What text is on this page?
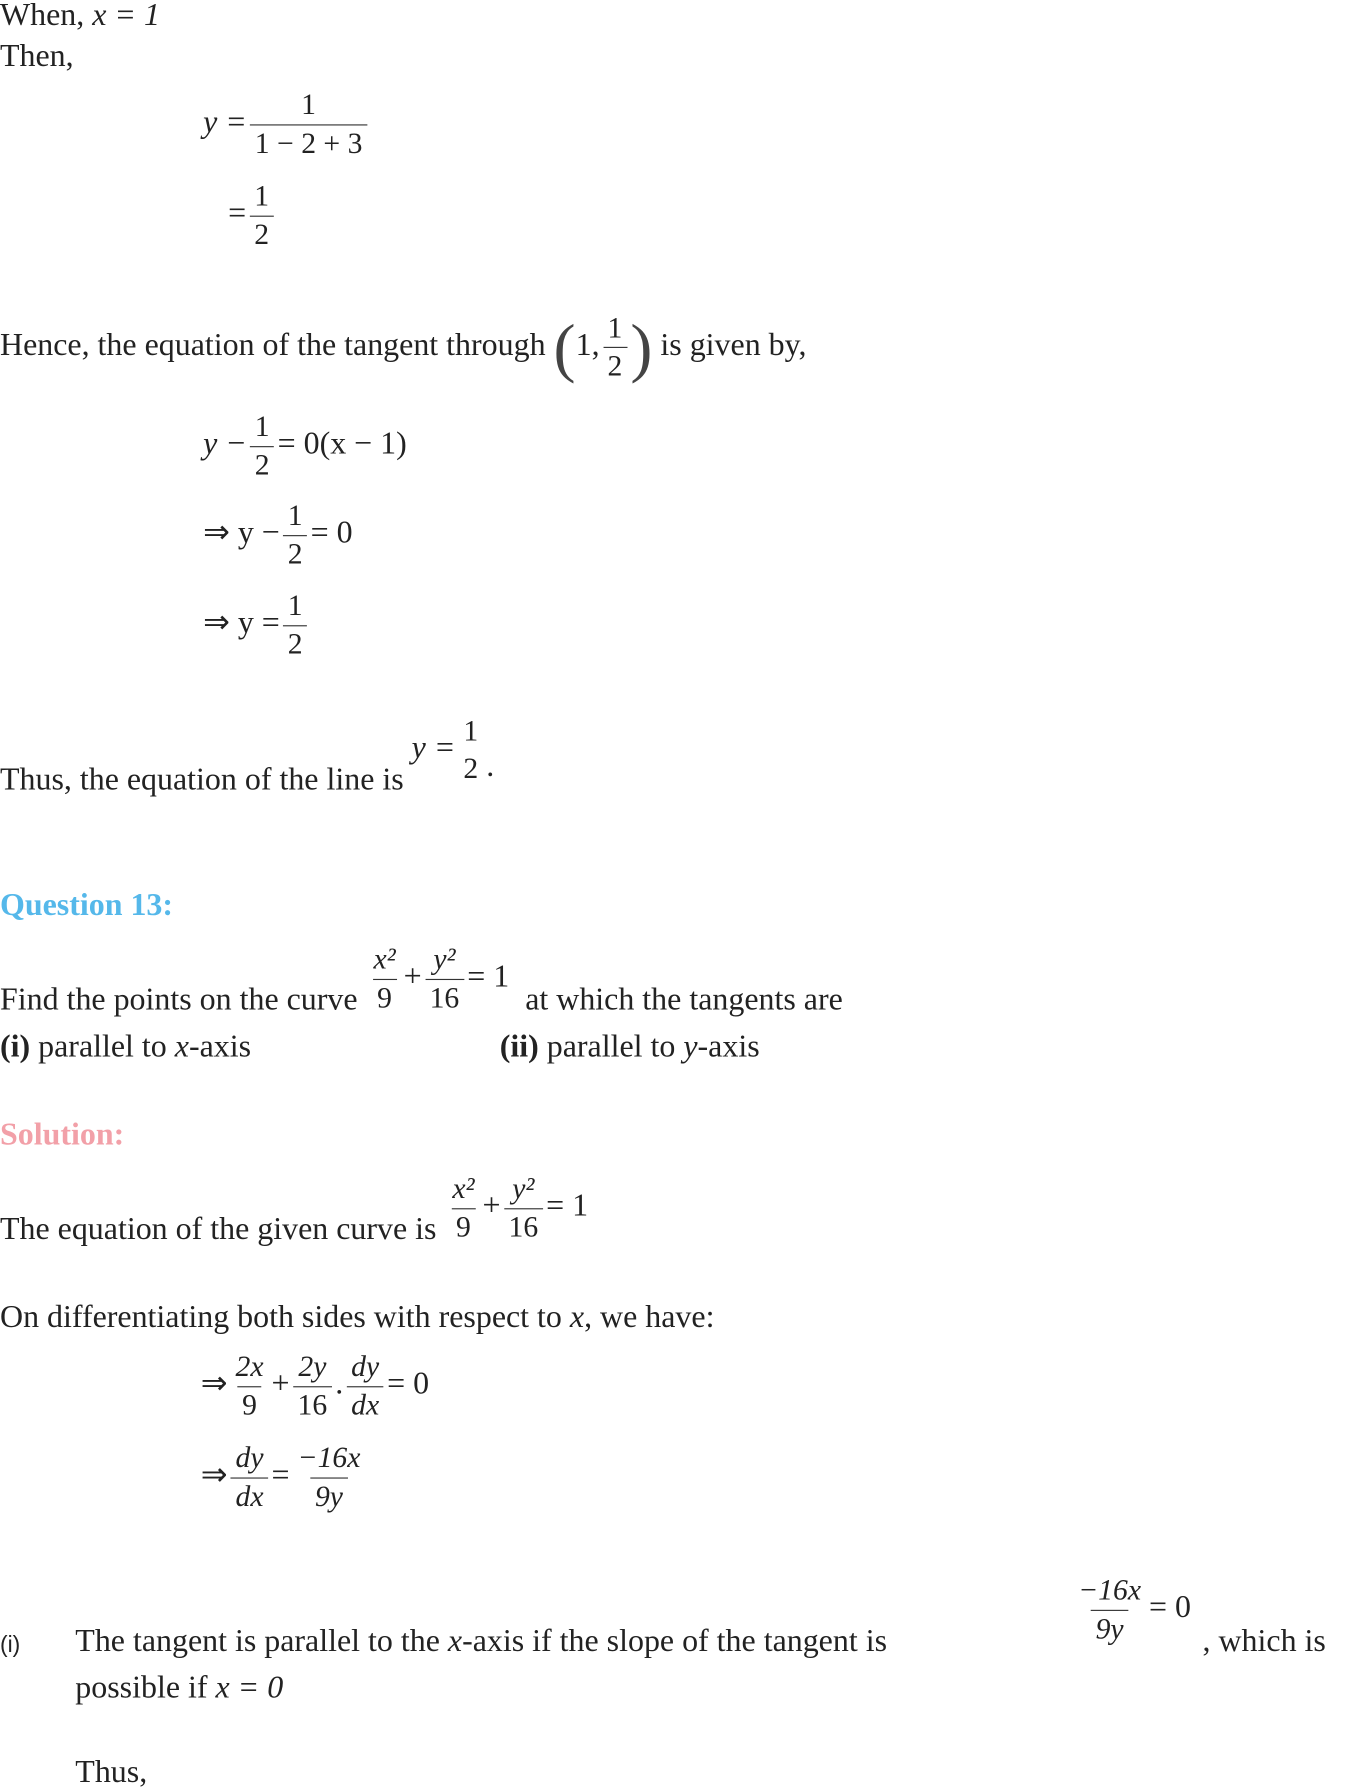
When, x = 1
Then,
$y = \frac{1}{1 - 2 + 3}$
= $\frac{1}{2}$
Hence, the equation of the tangent through (1, $\frac{1}{2}$ ) is given by,
$y - \frac{1}{2} = 0(x - 1)$
⇒ $y - \frac{1}{2} = 0$
⇒ $y = \frac{1}{2}$
Thus, the equation of the line is y = 1
2 .
Question 13:
Find the points on the curve $\frac{\text{x²}}{9} + \frac{\text{y²}}{16} = 1$  at which the tangents are
(i) parallel to x-axis	(ii) parallel to y-axis
Solution:
The equation of the given curve is $\frac{\text{x²}}{9} + \frac{\text{y²}}{16} = 1$
On differentiating both sides with respect to x, we have:
⇒ $\frac{2x}{9} + \frac{2y}{16}$ . $\frac{dy}{dx} = 0$
⇒ $\frac{dy}{dx} = \frac{-16x}{9y}$
(i) The tangent is parallel to the x-axis if the slope of the tangent is	$\frac{-16x}{9y} = 0$
, which is
possible if x = 0
Thus,
